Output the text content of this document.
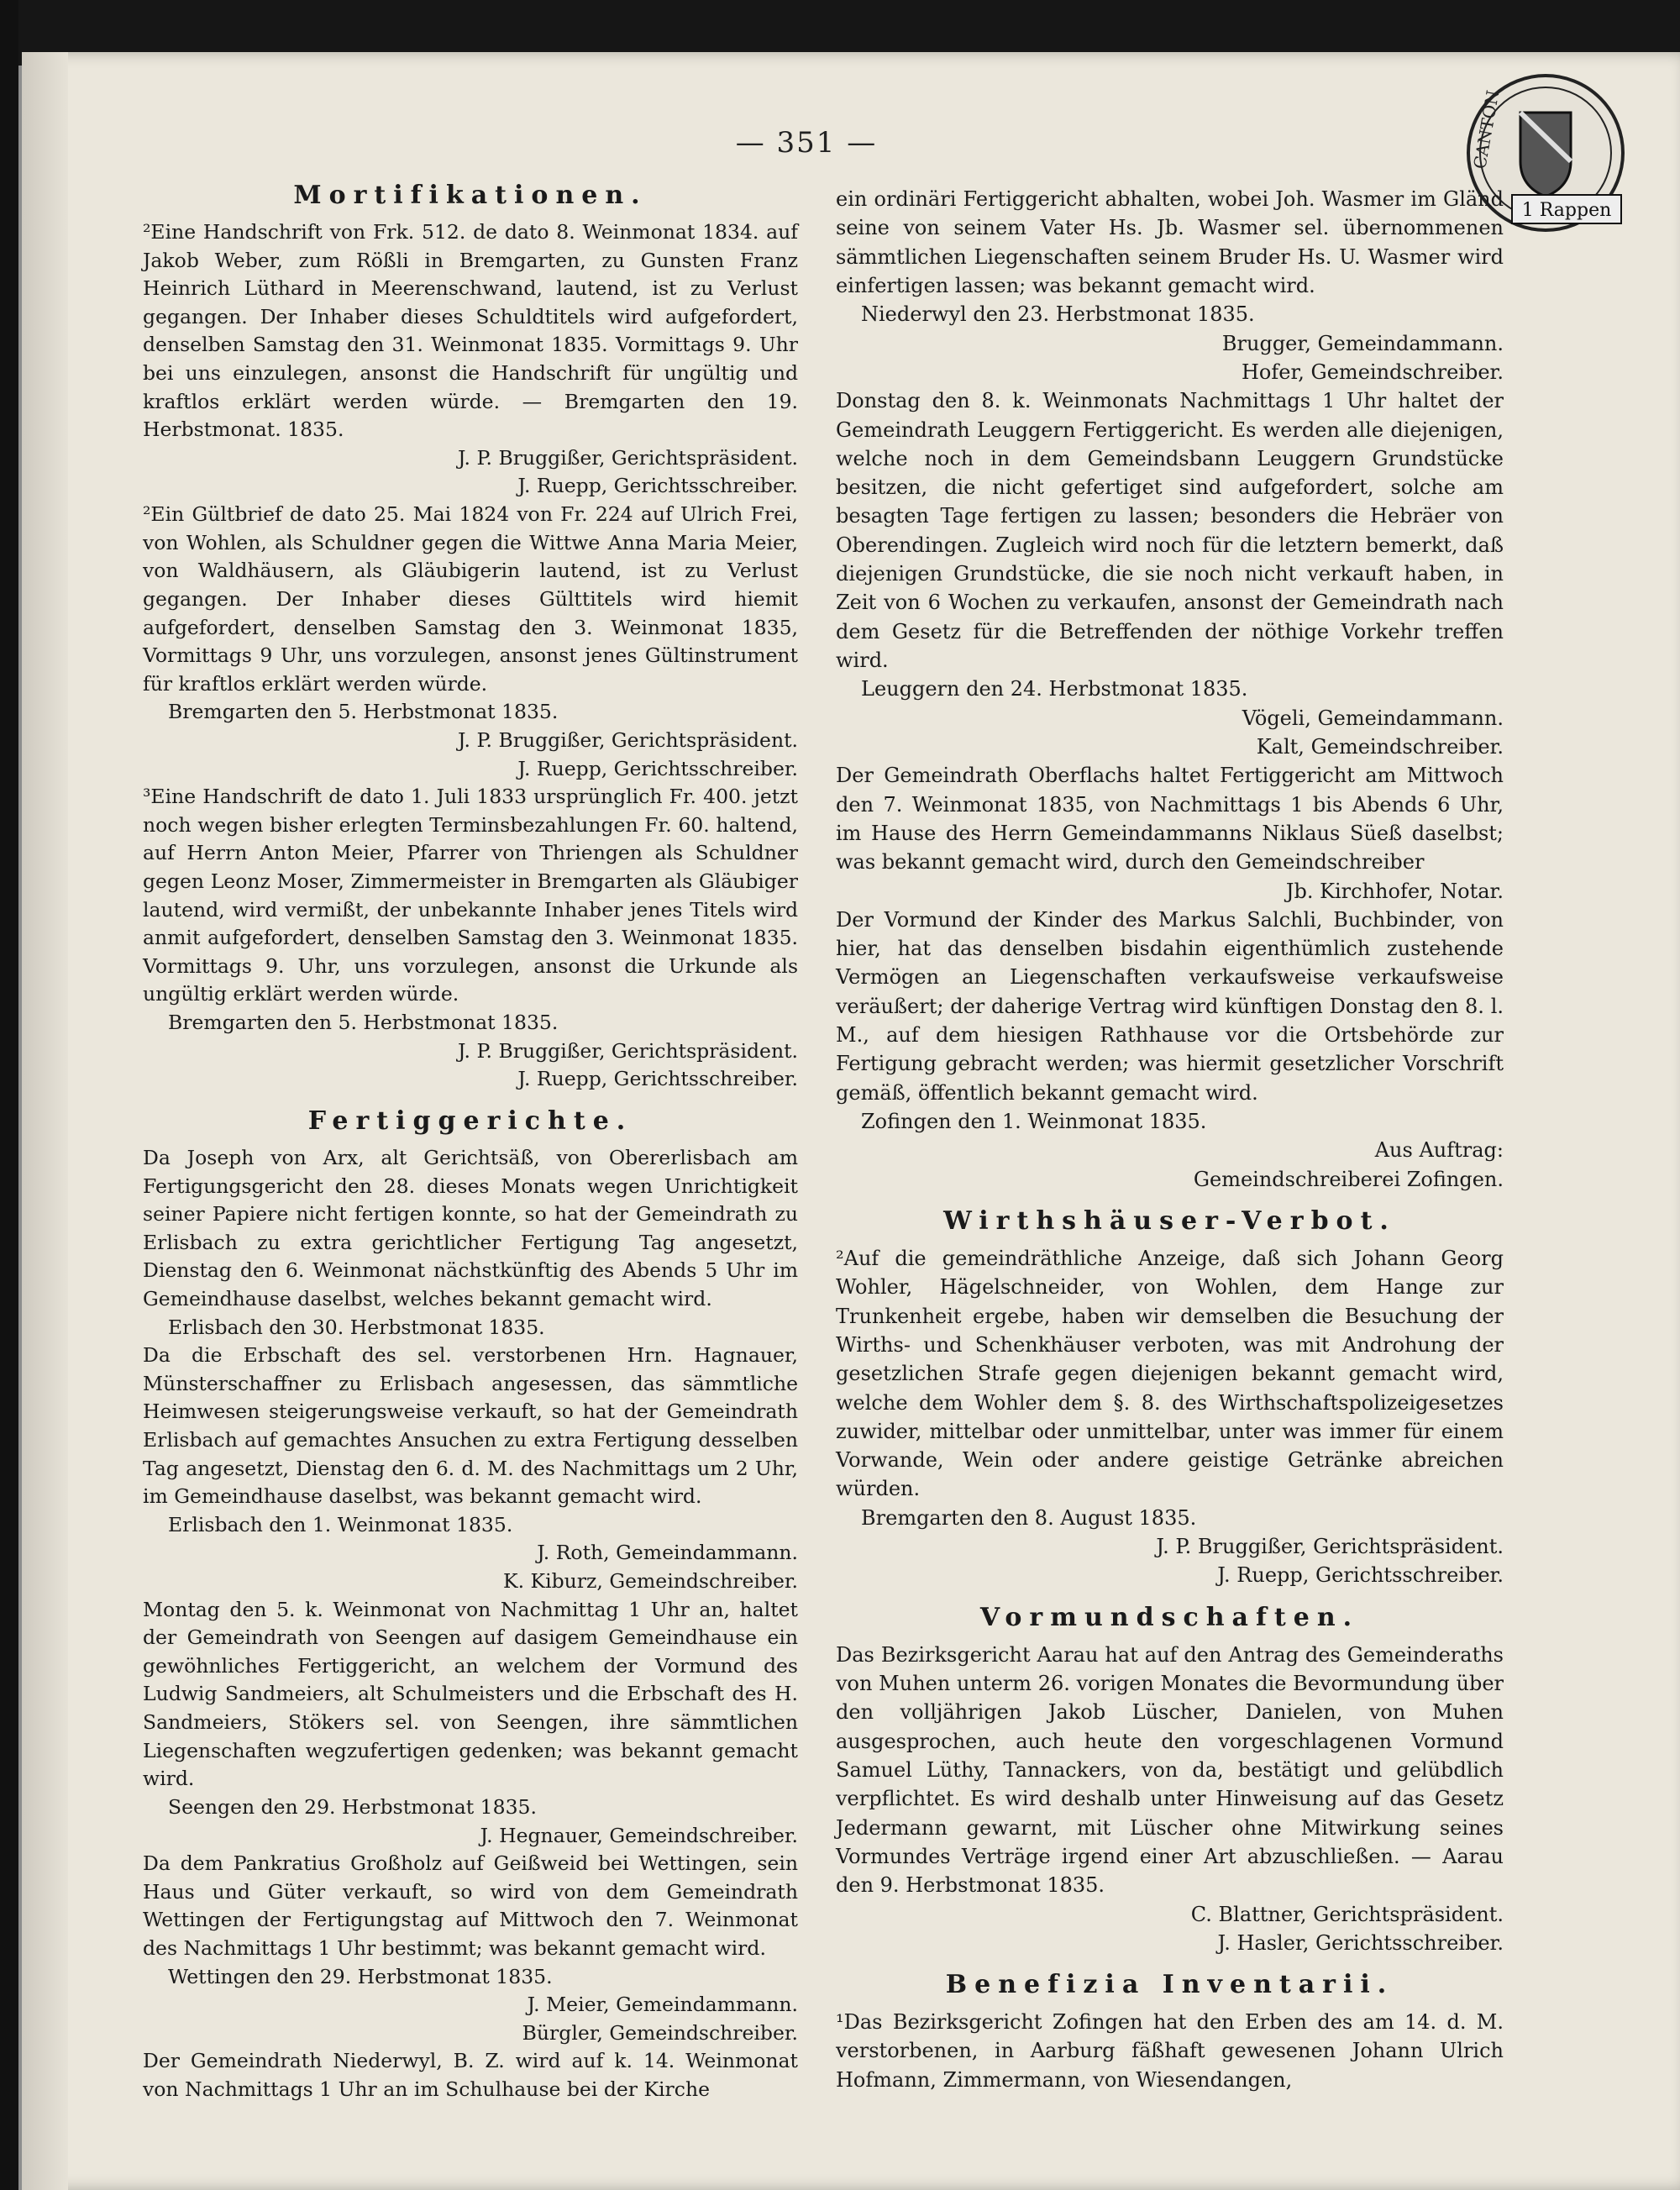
— 351 —	CANTON
1 Rappen
Mortifikationen.

²Eine Handschrift von Frk. 512. de dato 8. Weinmonat 1834. auf Jakob Weber, zum Rößli in Bremgarten, zu Gunsten Franz Heinrich Lüthard in Meerenschwand, lautend, ist zu Verlust gegangen. Der Inhaber dieses Schuldtitels wird aufgefordert, denselben Samstag den 31. Weinmonat 1835. Vormittags 9. Uhr bei uns einzulegen, ansonst die Handschrift für ungültig und kraftlos erklärt werden würde. — Bremgarten den 19. Herbstmonat. 1835.

J. P. Bruggißer, Gerichtspräsident.

J. Ruepp, Gerichtsschreiber.

²Ein Gültbrief de dato 25. Mai 1824 von Fr. 224 auf Ulrich Frei, von Wohlen, als Schuldner gegen die Wittwe Anna Maria Meier, von Waldhäusern, als Gläubigerin lautend, ist zu Verlust gegangen. Der Inhaber dieses Gülttitels wird hiemit aufgefordert, denselben Samstag den 3. Weinmonat 1835, Vormittags 9 Uhr, uns vorzulegen, ansonst jenes Gültinstrument für kraftlos erklärt werden würde.

Bremgarten den 5. Herbstmonat 1835.

J. P. Bruggißer, Gerichtspräsident.

J. Ruepp, Gerichtsschreiber.

³Eine Handschrift de dato 1. Juli 1833 ursprünglich Fr. 400. jetzt noch wegen bisher erlegten Terminsbezahlungen Fr. 60. haltend, auf Herrn Anton Meier, Pfarrer von Thriengen als Schuldner gegen Leonz Moser, Zimmermeister in Bremgarten als Gläubiger lautend, wird vermißt, der unbekannte Inhaber jenes Titels wird anmit aufgefordert, denselben Samstag den 3. Weinmonat 1835. Vormittags 9. Uhr, uns vorzulegen, ansonst die Urkunde als ungültig erklärt werden würde.

Bremgarten den 5. Herbstmonat 1835.

J. P. Bruggißer, Gerichtspräsident.

J. Ruepp, Gerichtsschreiber.

Fertiggerichte.

Da Joseph von Arx, alt Gerichtsäß, von Obererlisbach am Fertigungsgericht den 28. dieses Monats wegen Unrichtigkeit seiner Papiere nicht fertigen konnte, so hat der Gemeindrath zu Erlisbach zu extra gerichtlicher Fertigung Tag angesetzt, Dienstag den 6. Weinmonat nächstkünftig des Abends 5 Uhr im Gemeindhause daselbst, welches bekannt gemacht wird.

Erlisbach den 30. Herbstmonat 1835.

Da die Erbschaft des sel. verstorbenen Hrn. Hagnauer, Münsterschaffner zu Erlisbach angesessen, das sämmtliche Heimwesen steigerungsweise verkauft, so hat der Gemeindrath Erlisbach auf gemachtes Ansuchen zu extra Fertigung desselben Tag angesetzt, Dienstag den 6. d. M. des Nachmittags um 2 Uhr, im Gemeindhause daselbst, was bekannt gemacht wird.

Erlisbach den 1. Weinmonat 1835.

J. Roth, Gemeindammann.

K. Kiburz, Gemeindschreiber.

Montag den 5. k. Weinmonat von Nachmittag 1 Uhr an, haltet der Gemeindrath von Seengen auf dasigem Gemeindhause ein gewöhnliches Fertiggericht, an welchem der Vormund des Ludwig Sandmeiers, alt Schulmeisters und die Erbschaft des H. Sandmeiers, Stökers sel. von Seengen, ihre sämmtlichen Liegenschaften wegzufertigen gedenken; was bekannt gemacht wird.

Seengen den 29. Herbstmonat 1835.

J. Hegnauer, Gemeindschreiber.

Da dem Pankratius Großholz auf Geißweid bei Wettingen, sein Haus und Güter verkauft, so wird von dem Gemeindrath Wettingen der Fertigungstag auf Mittwoch den 7. Weinmonat des Nachmittags 1 Uhr bestimmt; was bekannt gemacht wird.

Wettingen den 29. Herbstmonat 1835.

J. Meier, Gemeindammann.

Bürgler, Gemeindschreiber.

Der Gemeindrath Niederwyl, B. Z. wird auf k. 14. Weinmonat von Nachmittags 1 Uhr an im Schulhause bei der Kirche

ein ordinäri Fertiggericht abhalten, wobei Joh. Wasmer im Gländ seine von seinem Vater Hs. Jb. Wasmer sel. übernommenen sämmtlichen Liegenschaften seinem Bruder Hs. U. Wasmer wird einfertigen lassen; was bekannt gemacht wird.

Niederwyl den 23. Herbstmonat 1835.

Brugger, Gemeindammann.

Hofer, Gemeindschreiber.

Donstag den 8. k. Weinmonats Nachmittags 1 Uhr haltet der Gemeindrath Leuggern Fertiggericht. Es werden alle diejenigen, welche noch in dem Gemeindsbann Leuggern Grundstücke besitzen, die nicht gefertiget sind aufgefordert, solche am besagten Tage fertigen zu lassen; besonders die Hebräer von Oberendingen. Zugleich wird noch für die letztern bemerkt, daß diejenigen Grundstücke, die sie noch nicht verkauft haben, in Zeit von 6 Wochen zu verkaufen, ansonst der Gemeindrath nach dem Gesetz für die Betreffenden der nöthige Vorkehr treffen wird.

Leuggern den 24. Herbstmonat 1835.

Vögeli, Gemeindammann.

Kalt, Gemeindschreiber.

Der Gemeindrath Oberflachs haltet Fertiggericht am Mittwoch den 7. Weinmonat 1835, von Nachmittags 1 bis Abends 6 Uhr, im Hause des Herrn Gemeindammanns Niklaus Süeß daselbst; was bekannt gemacht wird, durch den Gemeindschreiber

Jb. Kirchhofer, Notar.

Der Vormund der Kinder des Markus Salchli, Buchbinder, von hier, hat das denselben bisdahin eigenthümlich zustehende Vermögen an Liegenschaften verkaufsweise verkaufsweise veräußert; der daherige Vertrag wird künftigen Donstag den 8. l. M., auf dem hiesigen Rathhause vor die Ortsbehörde zur Fertigung gebracht werden; was hiermit gesetzlicher Vorschrift gemäß, öffentlich bekannt gemacht wird.

Zofingen den 1. Weinmonat 1835.

Aus Auftrag:

Gemeindschreiberei Zofingen.

Wirthshäuser-Verbot.

²Auf die gemeindräthliche Anzeige, daß sich Johann Georg Wohler, Hägelschneider, von Wohlen, dem Hange zur Trunkenheit ergebe, haben wir demselben die Besuchung der Wirths- und Schenkhäuser verboten, was mit Androhung der gesetzlichen Strafe gegen diejenigen bekannt gemacht wird, welche dem Wohler dem §. 8. des Wirthschaftspolizeigesetzes zuwider, mittelbar oder unmittelbar, unter was immer für einem Vorwande, Wein oder andere geistige Getränke abreichen würden.

Bremgarten den 8. August 1835.

J. P. Bruggißer, Gerichtspräsident.

J. Ruepp, Gerichtsschreiber.

Vormundschaften.

Das Bezirksgericht Aarau hat auf den Antrag des Gemeinderaths von Muhen unterm 26. vorigen Monates die Bevormundung über den volljährigen Jakob Lüscher, Danielen, von Muhen ausgesprochen, auch heute den vorgeschlagenen Vormund Samuel Lüthy, Tannackers, von da, bestätigt und gelübdlich verpflichtet. Es wird deshalb unter Hinweisung auf das Gesetz Jedermann gewarnt, mit Lüscher ohne Mitwirkung seines Vormundes Verträge irgend einer Art abzuschließen. — Aarau den 9. Herbstmonat 1835.

C. Blattner, Gerichtspräsident.

J. Hasler, Gerichtsschreiber.

Benefizia Inventarii.

¹Das Bezirksgericht Zofingen hat den Erben des am 14. d. M. verstorbenen, in Aarburg fäßhaft gewesenen Johann Ulrich Hofmann, Zimmermann, von Wiesendangen,
